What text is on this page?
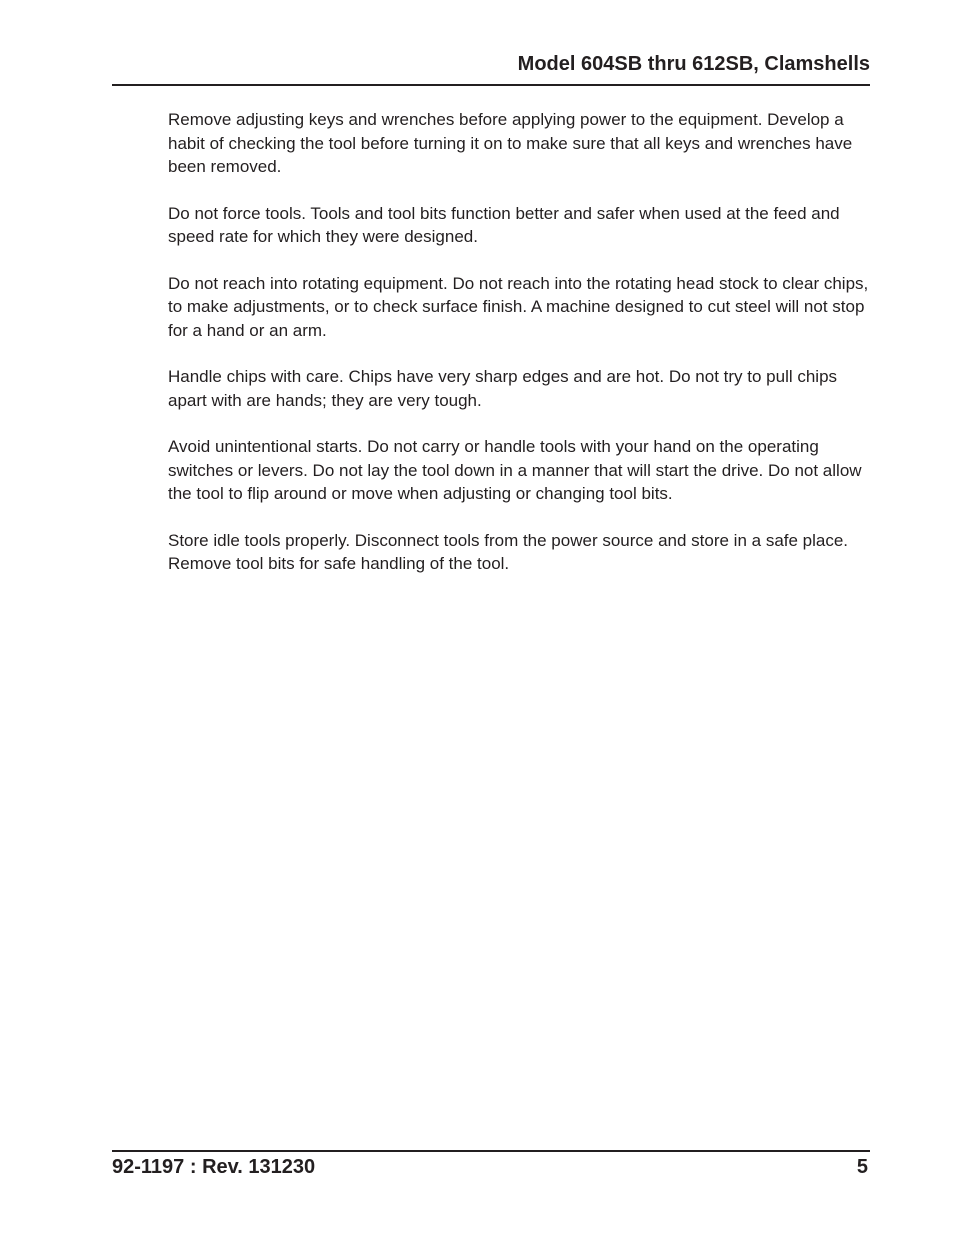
Model 604SB thru 612SB, Clamshells

Remove adjusting keys and wrenches before applying power to the equipment. Develop a habit of checking the tool before turning it on to make sure that all keys and wrenches have been removed.

Do not force tools. Tools and tool bits function better and safer when used at the feed and speed rate for which they were designed.

Do not reach into rotating equipment. Do not reach into the rotating head stock to clear chips, to make adjustments, or to check surface finish. A machine designed to cut steel will not stop for a hand or an arm.

Handle chips with care. Chips have very sharp edges and are hot. Do not try to pull chips apart with are hands; they are very tough.

Avoid unintentional starts. Do not carry or handle tools with your hand on the operating switches or levers. Do not lay the tool down in a manner that will start the drive. Do not allow the tool to flip around or move when adjusting or changing tool bits.

Store idle tools properly. Disconnect tools from the power source and store in a safe place. Remove tool bits for safe handling of the tool.

92-1197 : Rev. 131230	5
